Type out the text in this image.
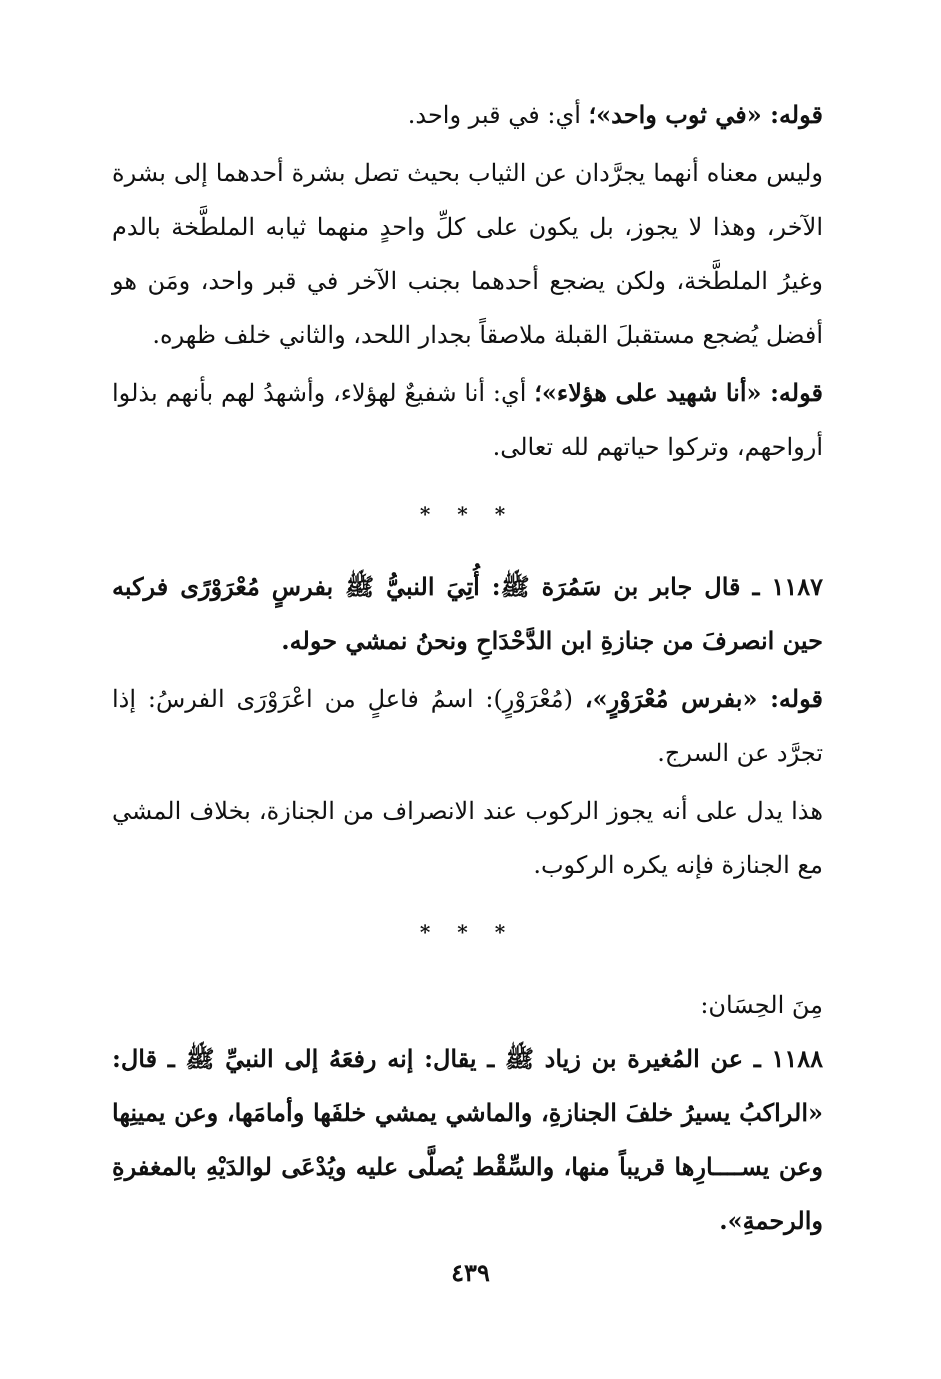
قوله: «في ثوب واحد»؛ أي: في قبر واحد.

وليس معناه أنهما يجرَّدان عن الثياب بحيث تصل بشرة أحدهما إلى بشرة الآخر، وهذا لا يجوز، بل يكون على كلِّ واحدٍ منهما ثيابه الملطَّخة بالدم وغيرُ الملطَّخة، ولكن يضجع أحدهما بجنب الآخر في قبر واحد، ومَن هو أفضل يُضجع مستقبلَ القبلة ملاصقاً بجدار اللحد، والثاني خلف ظهره.

قوله: «أنا شهيد على هؤلاء»؛ أي: أنا شفيعٌ لهؤلاء، وأشهدُ لهم بأنهم بذلوا أرواحهم، وتركوا حياتهم لله تعالى.

* * *

١١٨٧ ـ قال جابر بن سَمُرَة ﷺ: أُتِيَ النبيُّ ﷺ بفرسٍ مُعْرَوْرًى فركبه حين انصرفَ من جنازةِ ابن الدَّحْدَاحِ ونحنُ نمشي حوله.

قوله: «بفرس مُعْرَوْرٍ»، (مُعْرَوْرٍ): اسمُ فاعلٍ من اعْرَوْرَى الفرسُ: إذا تجرَّد عن السرج.

هذا يدل على أنه يجوز الركوب عند الانصراف من الجنازة، بخلاف المشي مع الجنازة فإنه يكره الركوب.

* * *

مِنَ الحِسَان:

١١٨٨ ـ عن المُغيرة بن زياد ﷺ ـ يقال: إنه رفعَهُ إلى النبيِّ ﷺ ـ قال: «الراكبُ يسيرُ خلفَ الجنازةِ، والماشي يمشي خلفَها وأمامَها، وعن يمينِها وعن يســــارِها قريباً منها، والسِّقْط يُصلَّى عليه ويُدْعَى لوالدَيْهِ بالمغفرةِ والرحمةِ».

٤٣٩
